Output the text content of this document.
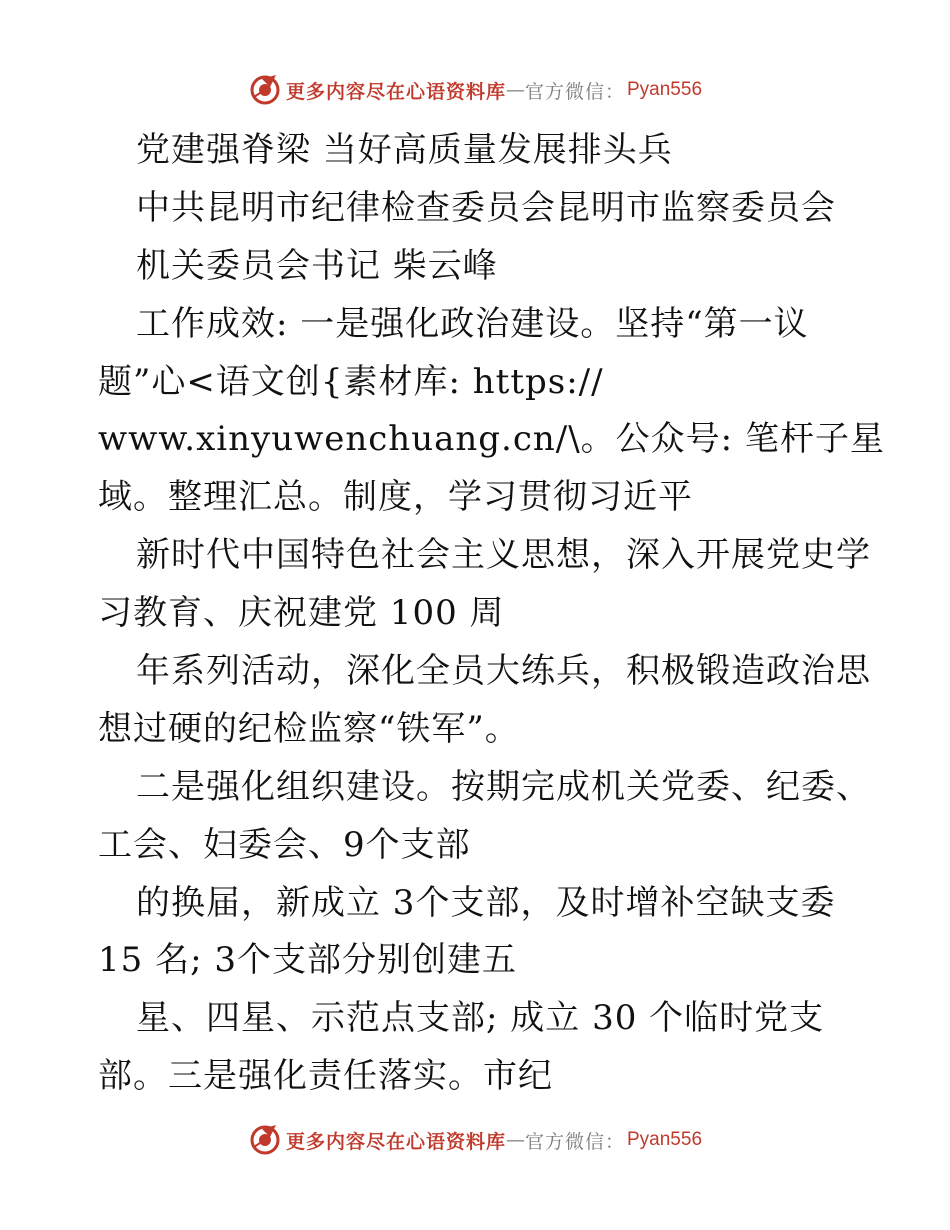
更多内容尽在心语资料库 — 官方微信： Pyan556
党建强脊梁 当好高质量发展排头兵
中共昆明市纪律检查委员会昆明市监察委员会
机关委员会书记 柴云峰
工作成效: 一是强化政治建设。坚持“第一议
题”心<语文创{素材库: https://
www.xinyuwenchuang.cn/\。公众号: 笔杆子星
域。整理汇总。制度，学习贯彻习近平
新时代中国特色社会主义思想，深入开展党史学
习教育、庆祝建党 100 周
年系列活动，深化全员大练兵，积极锻造政治思
想过硬的纪检监察“铁军”。
二是强化组织建设。按期完成机关党委、纪委、
工会、妇委会、9个支部
的换届，新成立 3个支部，及时增补空缺支委
15 名; 3个支部分别创建五
星、四星、示范点支部; 成立 30 个临时党支
部。三是强化责任落实。市纪
更多内容尽在心语资料库 — 官方微信： Pyan556
